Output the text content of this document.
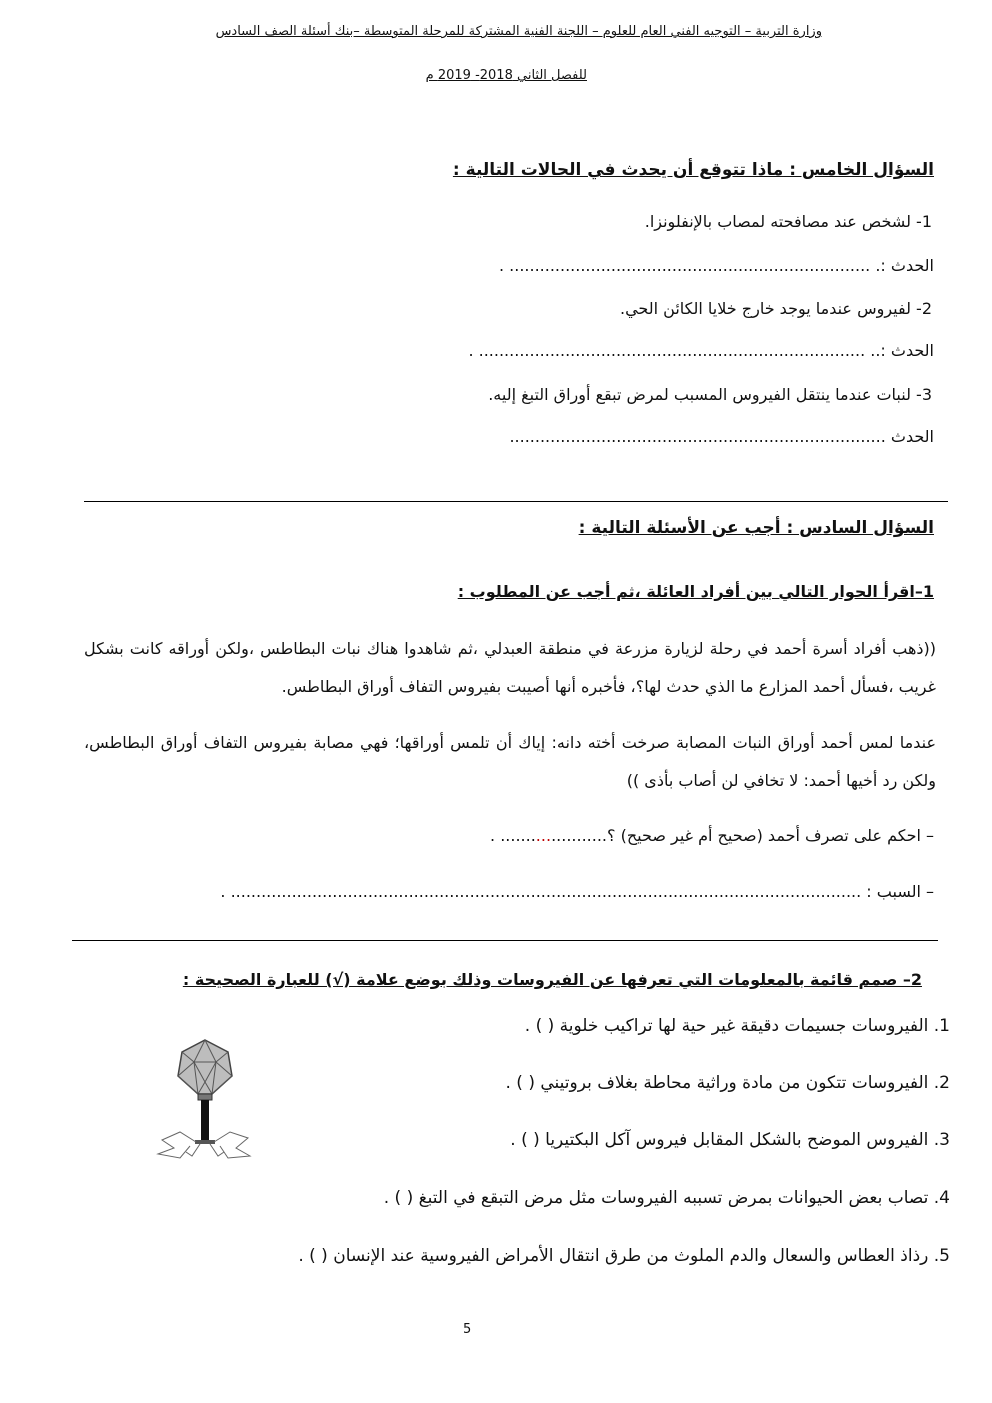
وزارة التربية – التوجيه الفني العام للعلوم – اللجنة الفنية المشتركة للمرحلة المتوسطة –بنك أسئلة الصف السادس
للفصل الثاني 2018- 2019 م
السؤال الخامس : ماذا تتوقع أن يحدث في الحالات التالية :
1- لشخص عند مصافحته لمصاب بالإنفلونزا.
الحدث :. ....................................................................... .
2- لفيروس عندما يوجد خارج خلايا الكائن الحي.
الحدث :.. ............................................................................ .
3- لنبات عندما ينتقل الفيروس المسبب لمرض تبقع أوراق التبغ إليه.
الحدث ..........................................................................
السؤال السادس : أجب عن الأسئلة التالية :
1–اقرأ الحوار التالي بين أفراد العائلة ،ثم أجب عن المطلوب :
((ذهب أفراد أسرة أحمد في رحلة لزيارة مزرعة في منطقة العبدلي ،ثم شاهدوا هناك نبات البطاطس ،ولكن أوراقه كانت بشكل غريب ،فسأل أحمد المزارع ما الذي حدث لها؟، فأخبره أنها أصيبت بفيروس التفاف أوراق البطاطس.
عندما لمس أحمد أوراق النبات المصابة صرخت أخته دانه: إياك أن تلمس أوراقها؛ فهي مصابة بفيروس التفاف أوراق البطاطس، ولكن رد أخيها أحمد: لا تخافي لن أصاب بأذى ))
– احكم على تصرف أحمد (صحيح أم غير صحيح) ؟..................... .
– السبب : ............................................................................................................................ .
2– صمم قائمة بالمعلومات التي تعرفها عن الفيروسات وذلك بوضع علامة (√) للعبارة الصحيحة :
1. الفيروسات جسيمات دقيقة غير حية لها تراكيب خلوية ( ) .
2. الفيروسات تتكون من مادة وراثية محاطة بغلاف بروتيني ( ) .
3. الفيروس الموضح بالشكل المقابل فيروس آكل البكتيريا ( ) .
4. تصاب بعض الحيوانات بمرض تسببه الفيروسات مثل مرض التبقع في التبغ ( ) .
5. رذاذ العطاس والسعال والدم الملوث من طرق انتقال الأمراض الفيروسية عند الإنسان ( ) .
5
